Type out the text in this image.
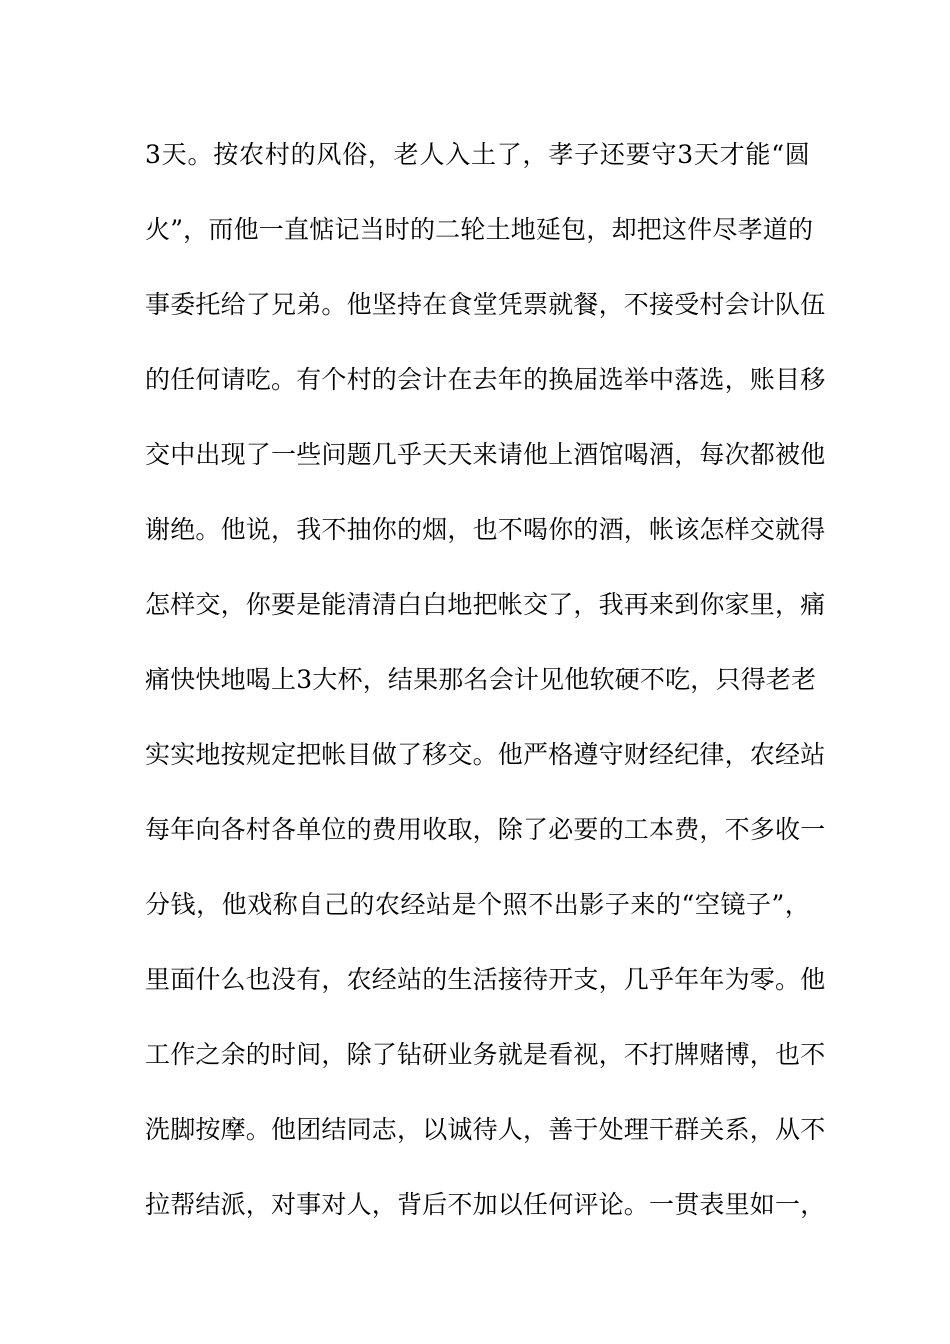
3天。按农村的风俗，老人入土了，孝子还要守3天才能“圆
火”，而他一直惦记当时的二轮土地延包，却把这件尽孝道的
事委托给了兄弟。他坚持在食堂凭票就餐，不接受村会计队伍
的任何请吃。有个村的会计在去年的换届选举中落选，账目移
交中出现了一些问题几乎天天来请他上酒馆喝酒，每次都被他
谢绝。他说，我不抽你的烟，也不喝你的酒，帐该怎样交就得
怎样交，你要是能清清白白地把帐交了，我再来到你家里，痛
痛快快地喝上3大杯，结果那名会计见他软硬不吃，只得老老
实实地按规定把帐目做了移交。他严格遵守财经纪律，农经站
每年向各村各单位的费用收取，除了必要的工本费，不多收一
分钱，他戏称自己的农经站是个照不出影子来的“空镜子”，
里面什么也没有，农经站的生活接待开支，几乎年年为零。他
工作之余的时间，除了钻研业务就是看视，不打牌赌博，也不
洗脚按摩。他团结同志，以诚待人，善于处理干群关系，从不
拉帮结派，对事对人，背后不加以任何评论。一贯表里如一，
